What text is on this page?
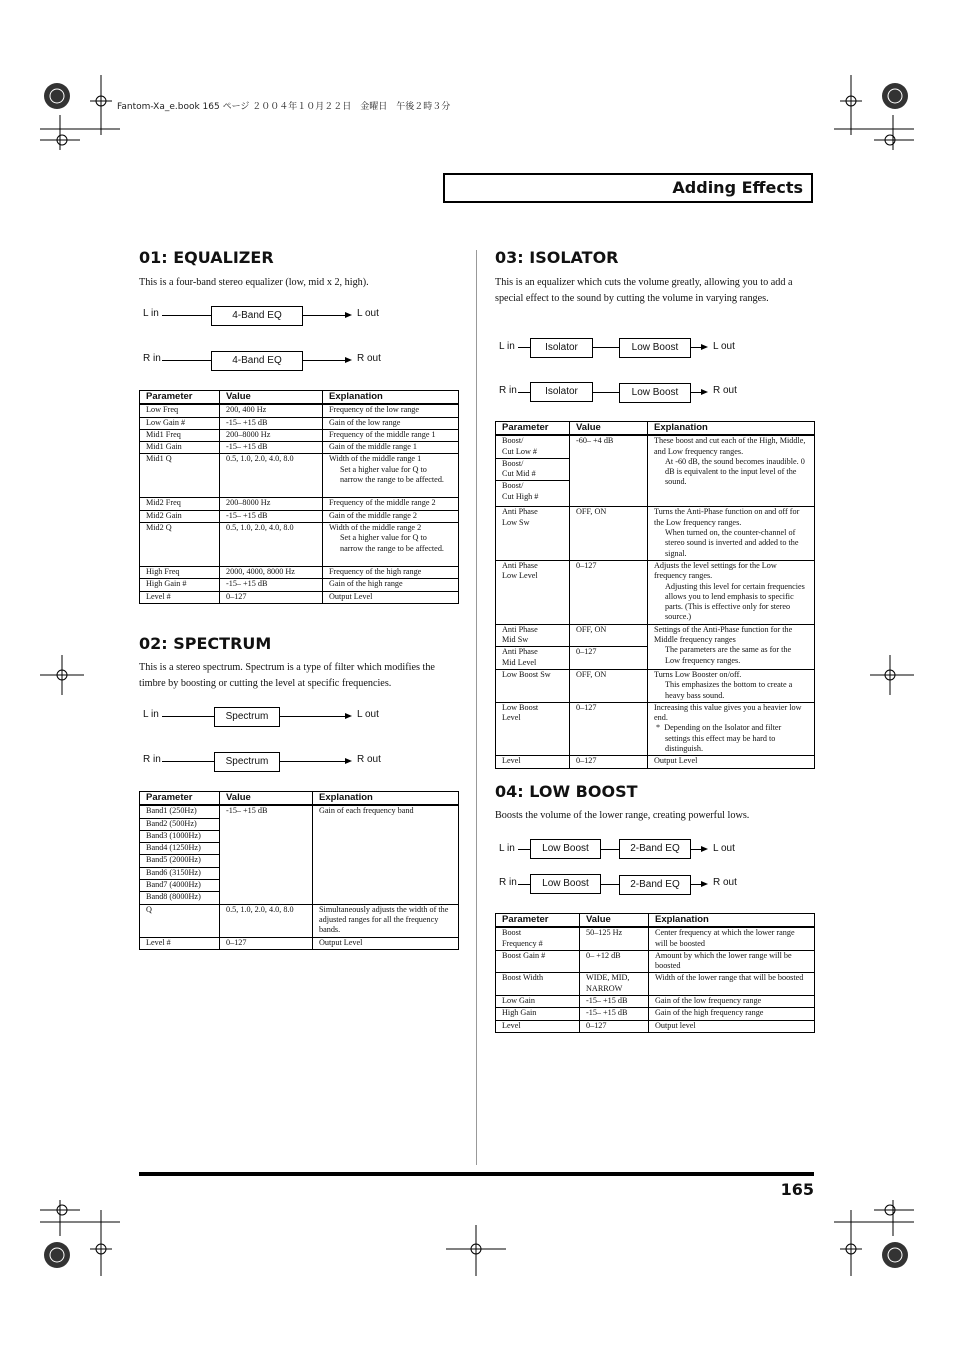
Fantom-Xa_e.book 165 ページ ２００４年１０月２２日　金曜日　午後２時３分
Adding Effects
01: EQUALIZER
This is a four-band stereo equalizer (low, mid x 2, high).
L in	4-Band EQ	L out
R in	4-Band EQ	R out
Parameter	Value	Explanation
Low Freq	200, 400 Hz	Frequency of the low range
Low Gain #	-15– +15 dB	Gain of the low range
Mid1 Freq	200–8000 Hz	Frequency of the middle range 1
Mid1 Gain	-15– +15 dB	Gain of the middle range 1
Mid1 Q	0.5, 1.0, 2.0, 4.0, 8.0	Width of the middle range 1
Set a higher value for Q to narrow the range to be affected.

Mid2 Freq	200–8000 Hz	Frequency of the middle range 2
Mid2 Gain	-15– +15 dB	Gain of the middle range 2
Mid2 Q	0.5, 1.0, 2.0, 4.0, 8.0	Width of the middle range 2
Set a higher value for Q to narrow the range to be affected.

High Freq	2000, 4000, 8000 Hz	Frequency of the high range
High Gain #	-15– +15 dB	Gain of the high range
Level #	0–127	Output Level
02: SPECTRUM
This is a stereo spectrum. Spectrum is a type of filter which modifies the timbre by boosting or cutting the level at specific frequencies.
L in	Spectrum	L out
R in	Spectrum	R out
Parameter	Value	Explanation
Band1 (250Hz)	-15– +15 dB	Gain of each frequency band
Band2 (500Hz)		
Band3 (1000Hz)		
Band4 (1250Hz)		
Band5 (2000Hz)		
Band6 (3150Hz)		
Band7 (4000Hz)		
Band8 (8000Hz)		
Q	0.5, 1.0, 2.0, 4.0, 8.0	Simultaneously adjusts the width of the adjusted ranges for all the frequency bands.
Level #	0–127	Output Level
03: ISOLATOR
This is an equalizer which cuts the volume greatly, allowing you to add a special effect to the sound by cutting the volume in varying ranges.
L in	Isolator	Low Boost	L out
R in	Isolator	Low Boost	R out
Parameter	Value	Explanation
Boost/
Cut Low #	-60– +4 dB	These boost and cut each of the High, Middle, and Low frequency ranges.
At -60 dB, the sound becomes inaudible. 0 dB is equivalent to the input level of the sound.

Boost/
Cut Mid #		
Boost/
Cut High #		
Anti Phase
Low Sw	OFF, ON	Turns the Anti-Phase function on and off for the Low frequency ranges.
When turned on, the counter-channel of stereo sound is inverted and added to the signal.

Anti Phase
Low Level	0–127	Adjusts the level settings for the Low frequency ranges.
Adjusting this level for certain frequencies allows you to lend emphasis to specific parts. (This is effective only for stereo source.)

Anti Phase
Mid Sw	OFF, ON	Settings of the Anti-Phase function for the Middle frequency ranges
The parameters are the same as for the Low frequency ranges.

Anti Phase
Mid Level	0–127	
Low Boost Sw	OFF, ON	Turns Low Booster on/off.
This emphasizes the bottom to create a heavy bass sound.

Low Boost
Level	0–127	Increasing this value gives you a heavier low end.
* Depending on the Isolator and filter settings this effect may be hard to distinguish.

Level	0–127	Output Level
04: LOW BOOST
Boosts the volume of the lower range, creating powerful lows.
L in	Low Boost	2-Band EQ	L out
R in	Low Boost	2-Band EQ	R out
Parameter	Value	Explanation
Boost
Frequency #	50–125 Hz	Center frequency at which the lower range will be boosted
Boost Gain #	0– +12 dB	Amount by which the lower range will be boosted
Boost Width	WIDE, MID,
NARROW	Width of the lower range that will be boosted
Low Gain	-15– +15 dB	Gain of the low frequency range
High Gain	-15– +15 dB	Gain of the high frequency range
Level	0–127	Output level
165
